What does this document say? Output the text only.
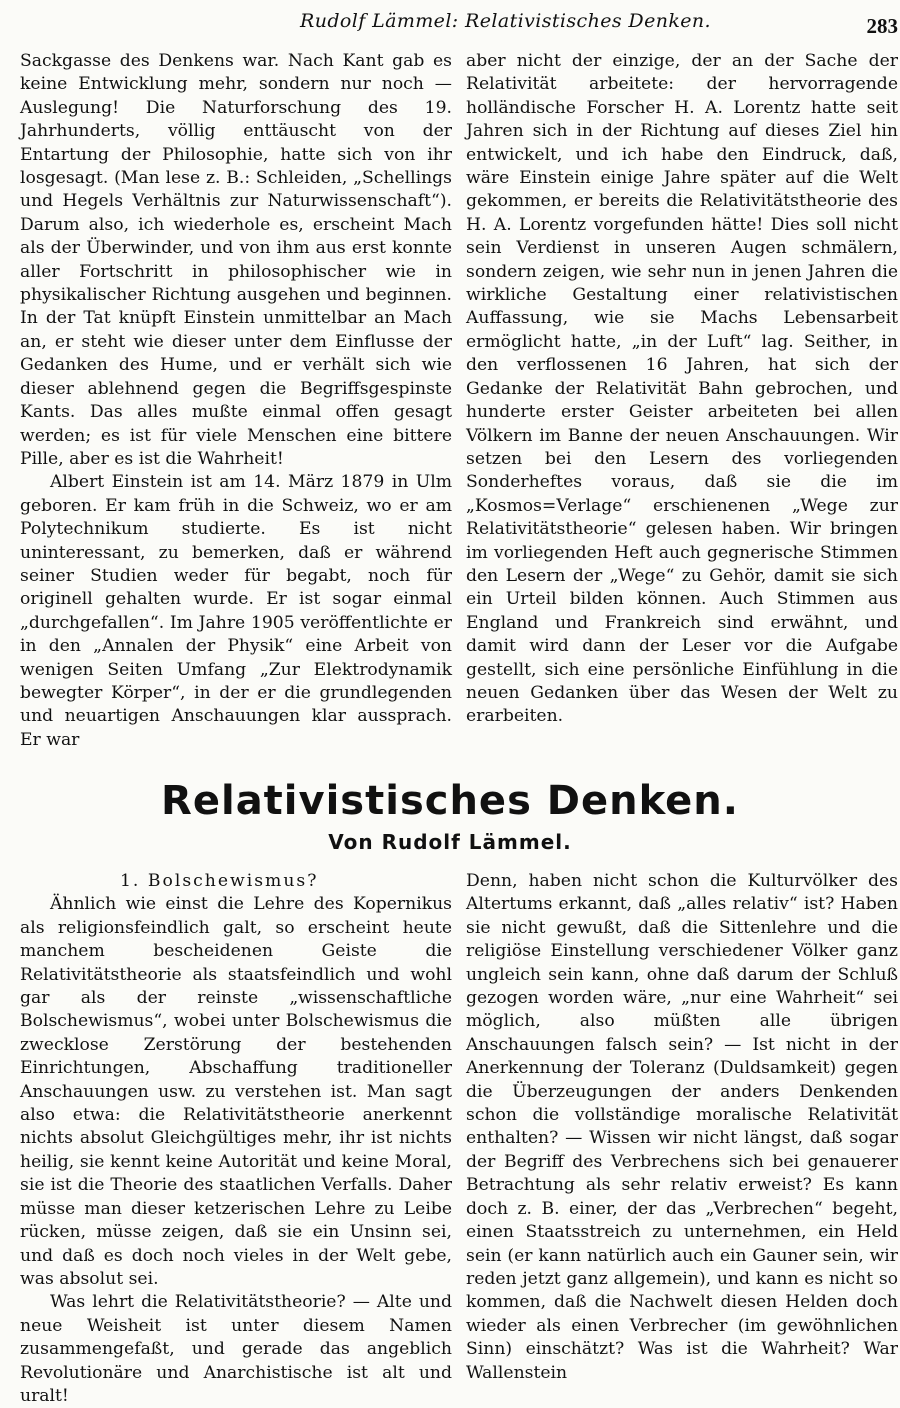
Rudolf Lämmel: Relativistisches Denken.	283

Sackgasse des Denkens war. Nach Kant gab es keine Entwicklung mehr, sondern nur noch — Auslegung! Die Naturforschung des 19. Jahrhunderts, völlig enttäuscht von der Entartung der Philosophie, hatte sich von ihr losgesagt. (Man lese z. B.: Schleiden, „Schellings und Hegels Verhältnis zur Naturwissenschaft“). Darum also, ich wiederhole es, erscheint Mach als der Überwinder, und von ihm aus erst konnte aller Fortschritt in philosophischer wie in physikalischer Richtung ausgehen und beginnen. In der Tat knüpft Einstein unmittelbar an Mach an, er steht wie dieser unter dem Einflusse der Gedanken des Hume, und er verhält sich wie dieser ablehnend gegen die Begriffsgespinste Kants. Das alles mußte einmal offen gesagt werden; es ist für viele Menschen eine bittere Pille, aber es ist die Wahrheit!

Albert Einstein ist am 14. März 1879 in Ulm geboren. Er kam früh in die Schweiz, wo er am Polytechnikum studierte. Es ist nicht uninteressant, zu bemerken, daß er während seiner Studien weder für begabt, noch für originell gehalten wurde. Er ist sogar einmal „durchgefallen“. Im Jahre 1905 veröffentlichte er in den „Annalen der Physik“ eine Arbeit von wenigen Seiten Umfang „Zur Elektrodynamik bewegter Körper“, in der er die grundlegenden und neuartigen Anschauungen klar aussprach. Er war

aber nicht der einzige, der an der Sache der Relativität arbeitete: der hervorragende holländische Forscher H. A. Lorentz hatte seit Jahren sich in der Richtung auf dieses Ziel hin entwickelt, und ich habe den Eindruck, daß, wäre Einstein einige Jahre später auf die Welt gekommen, er bereits die Relativitätstheorie des H. A. Lorentz vorgefunden hätte! Dies soll nicht sein Verdienst in unseren Augen schmälern, sondern zeigen, wie sehr nun in jenen Jahren die wirkliche Gestaltung einer relativistischen Auffassung, wie sie Machs Lebensarbeit ermöglicht hatte, „in der Luft“ lag. Seither, in den verflossenen 16 Jahren, hat sich der Gedanke der Relativität Bahn gebrochen, und hunderte erster Geister arbeiteten bei allen Völkern im Banne der neuen Anschauungen. Wir setzen bei den Lesern des vorliegenden Sonderheftes voraus, daß sie die im „Kosmos=Verlage“ erschienenen „Wege zur Relativitätstheorie“ gelesen haben. Wir bringen im vorliegenden Heft auch gegnerische Stimmen den Lesern der „Wege“ zu Gehör, damit sie sich ein Urteil bilden können. Auch Stimmen aus England und Frankreich sind erwähnt, und damit wird dann der Leser vor die Aufgabe gestellt, sich eine persönliche Einfühlung in die neuen Gedanken über das Wesen der Welt zu erarbeiten.

Relativistisches Denken.
Von Rudolf Lämmel.

1. Bolschewismus?

Ähnlich wie einst die Lehre des Kopernikus als religionsfeindlich galt, so erscheint heute manchem bescheidenen Geiste die Relativitätstheorie als staatsfeindlich und wohl gar als der reinste „wissenschaftliche Bolschewismus“, wobei unter Bolschewismus die zwecklose Zerstörung der bestehenden Einrichtungen, Abschaffung traditioneller Anschauungen usw. zu verstehen ist. Man sagt also etwa: die Relativitätstheorie anerkennt nichts absolut Gleichgültiges mehr, ihr ist nichts heilig, sie kennt keine Autorität und keine Moral, sie ist die Theorie des staatlichen Verfalls. Daher müsse man dieser ketzerischen Lehre zu Leibe rücken, müsse zeigen, daß sie ein Unsinn sei, und daß es doch noch vieles in der Welt gebe, was absolut sei.

Was lehrt die Relativitätstheorie? — Alte und neue Weisheit ist unter diesem Namen zusammengefaßt, und gerade das angeblich Revolutionäre und Anarchistische ist alt und uralt!

Denn, haben nicht schon die Kulturvölker des Altertums erkannt, daß „alles relativ“ ist? Haben sie nicht gewußt, daß die Sittenlehre und die religiöse Einstellung verschiedener Völker ganz ungleich sein kann, ohne daß darum der Schluß gezogen worden wäre, „nur eine Wahrheit“ sei möglich, also müßten alle übrigen Anschauungen falsch sein? — Ist nicht in der Anerkennung der Toleranz (Duldsamkeit) gegen die Überzeugungen der anders Denkenden schon die vollständige moralische Relativität enthalten? — Wissen wir nicht längst, daß sogar der Begriff des Verbrechens sich bei genauerer Betrachtung als sehr relativ erweist? Es kann doch z. B. einer, der das „Verbrechen“ begeht, einen Staatsstreich zu unternehmen, ein Held sein (er kann natürlich auch ein Gauner sein, wir reden jetzt ganz allgemein), und kann es nicht so kommen, daß die Nachwelt diesen Helden doch wieder als einen Verbrecher (im gewöhnlichen Sinn) einschätzt? Was ist die Wahrheit? War Wallenstein
